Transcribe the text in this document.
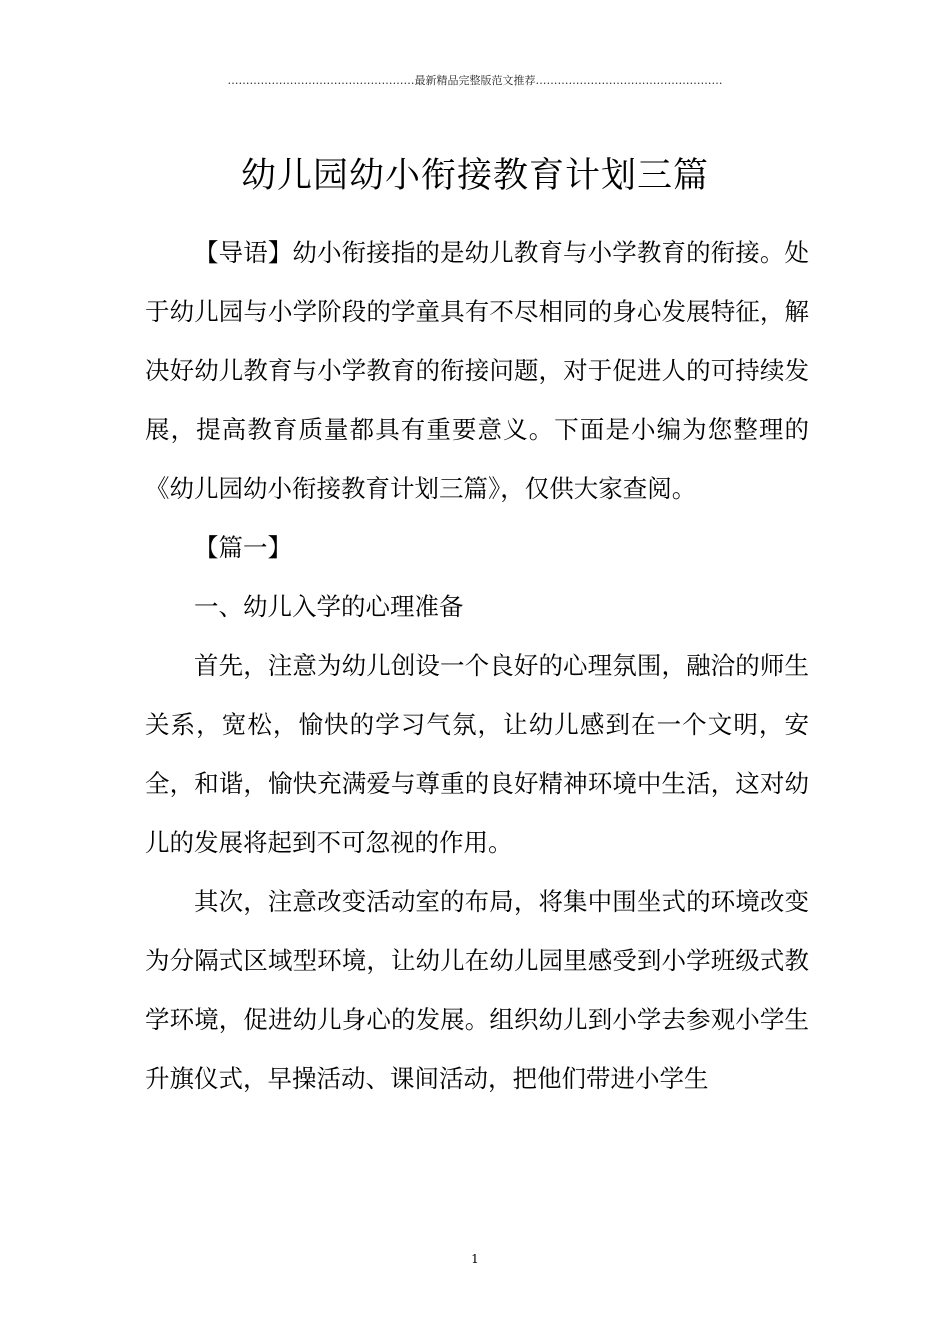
……………………………………………最新精品完整版范文推荐……………………………………………
幼儿园幼小衔接教育计划三篇

【导语】幼小衔接指的是幼儿教育与小学教育的衔接。处于幼儿园与小学阶段的学童具有不尽相同的身心发展特征，解决好幼儿教育与小学教育的衔接问题，对于促进人的可持续发展，提高教育质量都具有重要意义。下面是小编为您整理的《幼儿园幼小衔接教育计划三篇》，仅供大家查阅。

【篇一】

一、幼儿入学的心理准备

首先，注意为幼儿创设一个良好的心理氛围，融洽的师生关系，宽松，愉快的学习气氛，让幼儿感到在一个文明，安全，和谐，愉快充满爱与尊重的良好精神环境中生活，这对幼儿的发展将起到不可忽视的作用。

其次，注意改变活动室的布局，将集中围坐式的环境改变为分隔式区域型环境，让幼儿在幼儿园里感受到小学班级式教学环境，促进幼儿身心的发展。组织幼儿到小学去参观小学生升旗仪式，早操活动、课间活动，把他们带进小学生

1
